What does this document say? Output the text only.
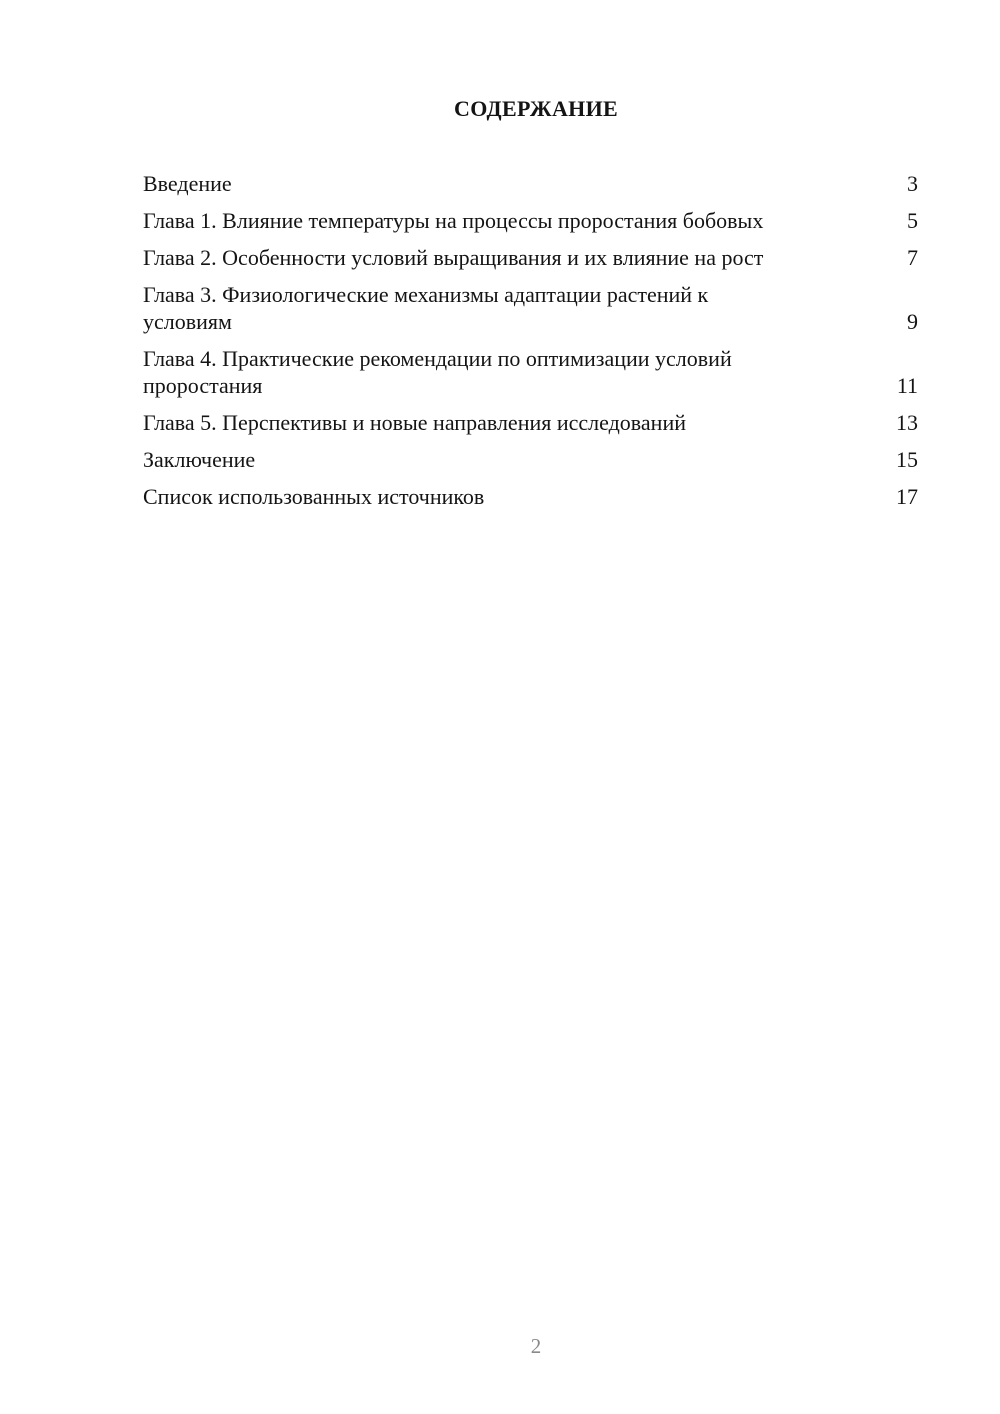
СОДЕРЖАНИЕ
Введение	3
Глава 1. Влияние температуры на процессы проростания бобовых	5
Глава 2. Особенности условий выращивания и их влияние на рост	7
Глава 3. Физиологические механизмы адаптации растений к условиям	9
Глава 4. Практические рекомендации по оптимизации условий проростания	11
Глава 5. Перспективы и новые направления исследований	13
Заключение	15
Список использованных источников	17
2
